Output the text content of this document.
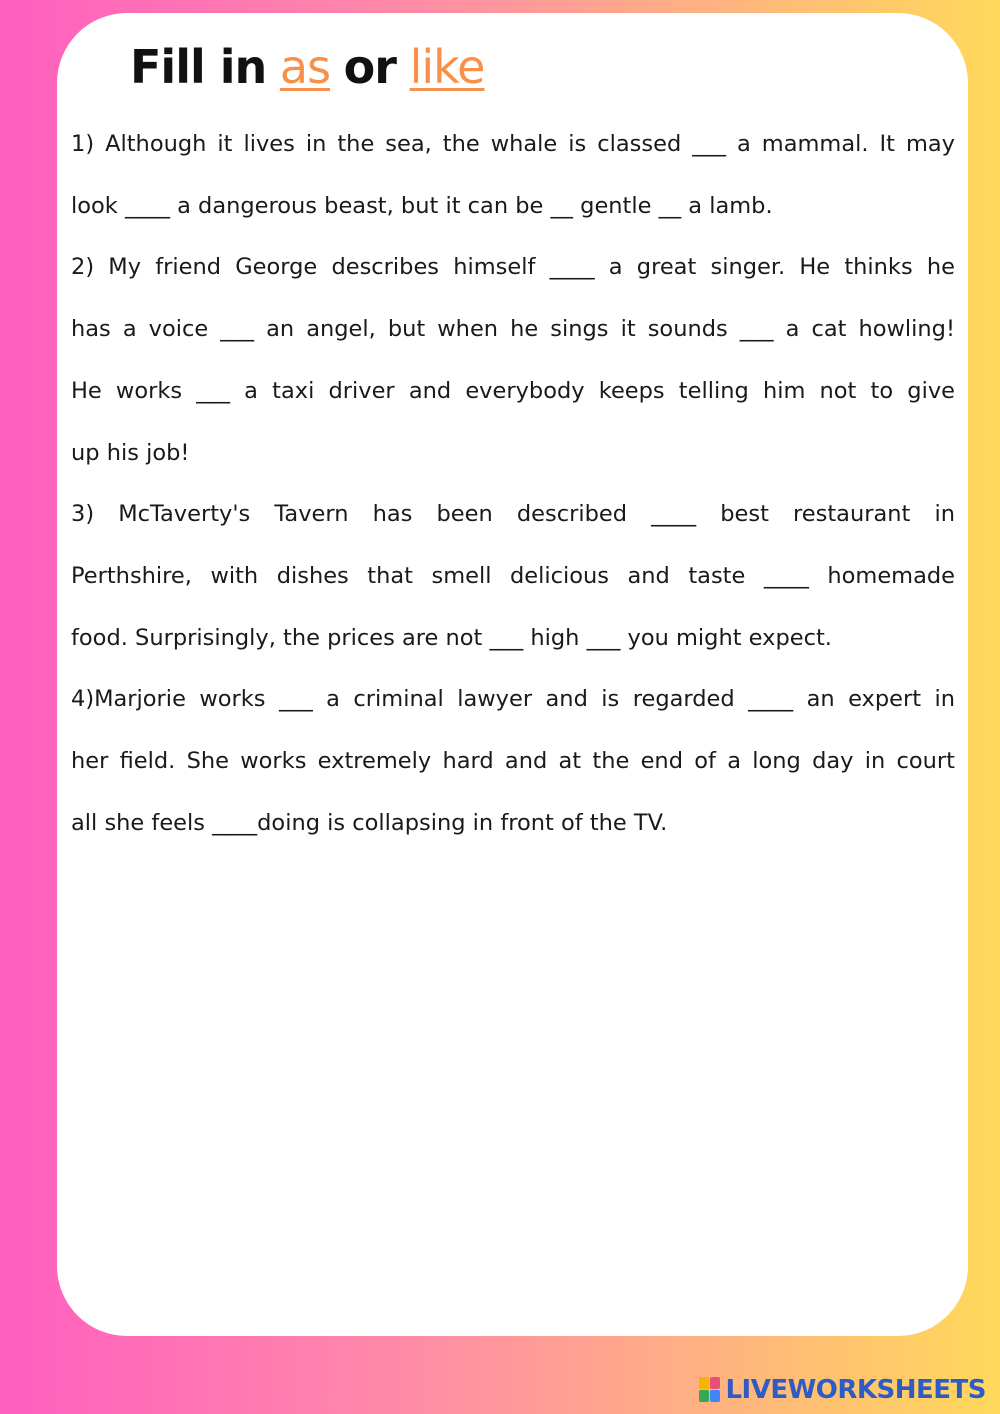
Fill in as or like

1) Although it lives in the sea, the whale is classed ___ a mammal. It may
look ____ a dangerous beast, but it can be __ gentle __ a lamb.

2) My friend George describes himself ____ a great singer. He thinks he
has a voice ___ an angel, but when he sings it sounds ___ a cat howling!
He works ___ a taxi driver and everybody keeps telling him not to give
up his job!

3) McTaverty's Tavern has been described ____ best restaurant in
Perthshire, with dishes that smell delicious and taste ____ homemade
food. Surprisingly, the prices are not ___ high ___ you might expect.

4)Marjorie works ___ a criminal lawyer and is regarded ____ an expert in
her field. She works extremely hard and at the end of a long day in court
all she feels ____doing is collapsing in front of the TV.

LIVEWORKSHEETS
